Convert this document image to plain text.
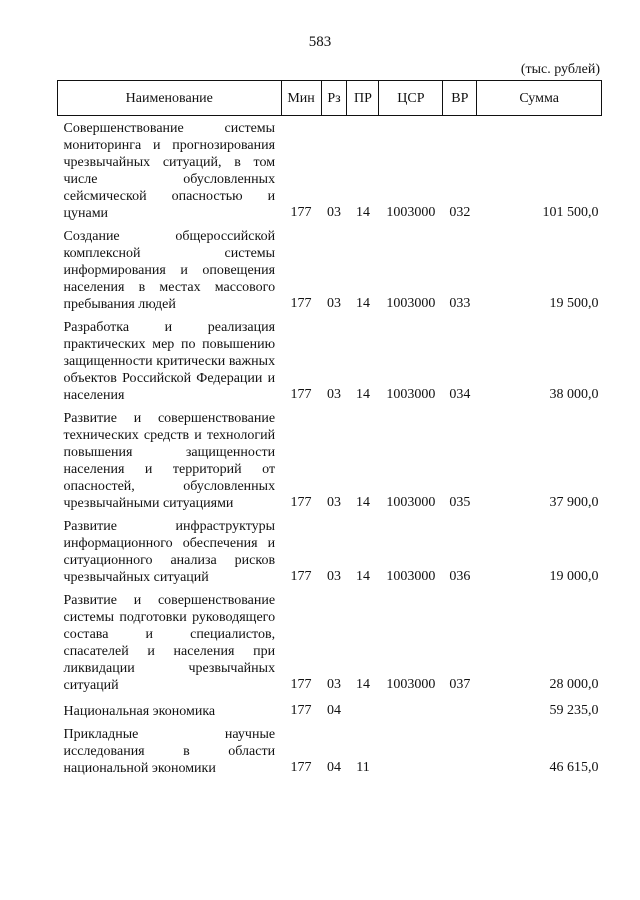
583
(тыс. рублей)
Наименование	Мин	Рз	ПР	ЦСР	ВР	Сумма
Совершенствование системы мониторинга и прогнозирования чрезвычайных ситуаций, в том числе обусловленных сейсмической опасностью и цунами	177	03	14	1003000	032	101 500,0
Создание общероссийской комплексной системы информирования и оповещения населения в местах массового пребывания людей	177	03	14	1003000	033	19 500,0
Разработка и реализация практических мер по повышению защищенности критически важных объектов Российской Федерации и населения	177	03	14	1003000	034	38 000,0
Развитие и совершенствование технических средств и технологий повышения защищенности населения и территорий от опасностей, обусловленных чрезвычайными ситуациями	177	03	14	1003000	035	37 900,0
Развитие инфраструктуры информационного обеспечения и ситуационного анализа рисков чрезвычайных ситуаций	177	03	14	1003000	036	19 000,0
Развитие и совершенствование системы подготовки руководящего состава и специалистов, спасателей и населения при ликвидации чрезвычайных ситуаций	177	03	14	1003000	037	28 000,0
Национальная экономика	177	04				59 235,0
Прикладные научные исследования в области национальной экономики	177	04	11			46 615,0
